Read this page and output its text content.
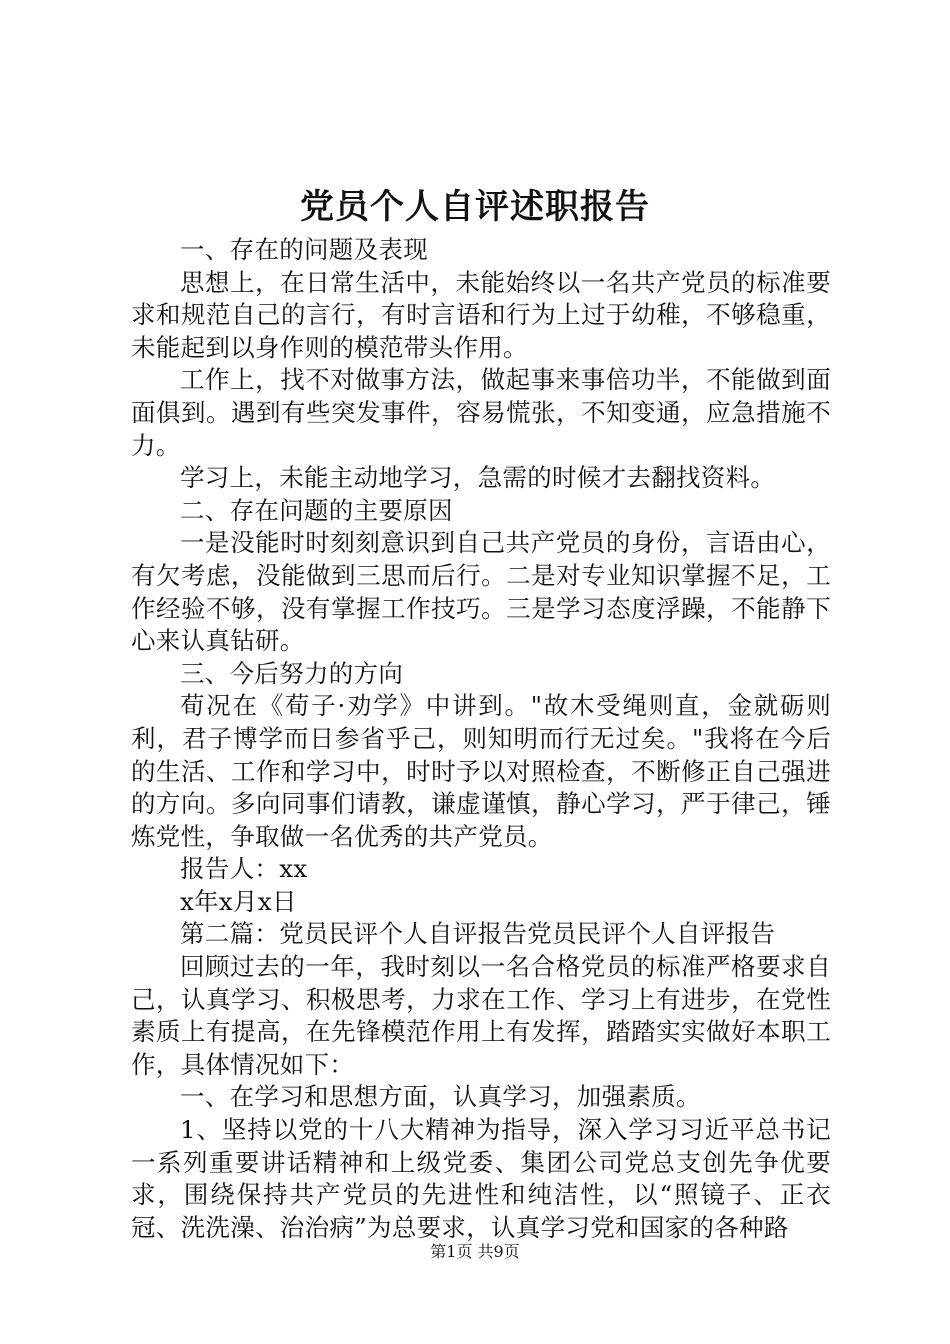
党员个人自评述职报告

一、存在的问题及表现

思想上，在日常生活中，未能始终以一名共产党员的标准要求和规范自己的言行，有时言语和行为上过于幼稚，不够稳重，未能起到以身作则的模范带头作用。

工作上，找不对做事方法，做起事来事倍功半，不能做到面面俱到。遇到有些突发事件，容易慌张，不知变通，应急措施不力。

学习上，未能主动地学习，急需的时候才去翻找资料。

二、存在问题的主要原因

一是没能时时刻刻意识到自己共产党员的身份，言语由心，有欠考虑，没能做到三思而后行。二是对专业知识掌握不足，工作经验不够，没有掌握工作技巧。三是学习态度浮躁，不能静下心来认真钻研。

三、今后努力的方向

荀况在《荀子·劝学》中讲到。"故木受绳则直，金就砺则利，君子博学而日参省乎己，则知明而行无过矣。"我将在今后的生活、工作和学习中，时时予以对照检查，不断修正自己强进的方向。多向同事们请教，谦虚谨慎，静心学习，严于律己，锤炼党性，争取做一名优秀的共产党员。

报告人：xx

x年x月x日

第二篇：党员民评个人自评报告党员民评个人自评报告

回顾过去的一年，我时刻以一名合格党员的标准严格要求自己，认真学习、积极思考，力求在工作、学习上有进步，在党性素质上有提高，在先锋模范作用上有发挥，踏踏实实做好本职工作，具体情况如下：

一、在学习和思想方面，认真学习，加强素质。

1、坚持以党的十八大精神为指导，深入学习习近平总书记一系列重要讲话精神和上级党委、集团公司党总支创先争优要求，围绕保持共产党员的先进性和纯洁性，以“照镜子、正衣冠、洗洗澡、治治病”为总要求，认真学习党和国家的各种路

第1页 共9页
